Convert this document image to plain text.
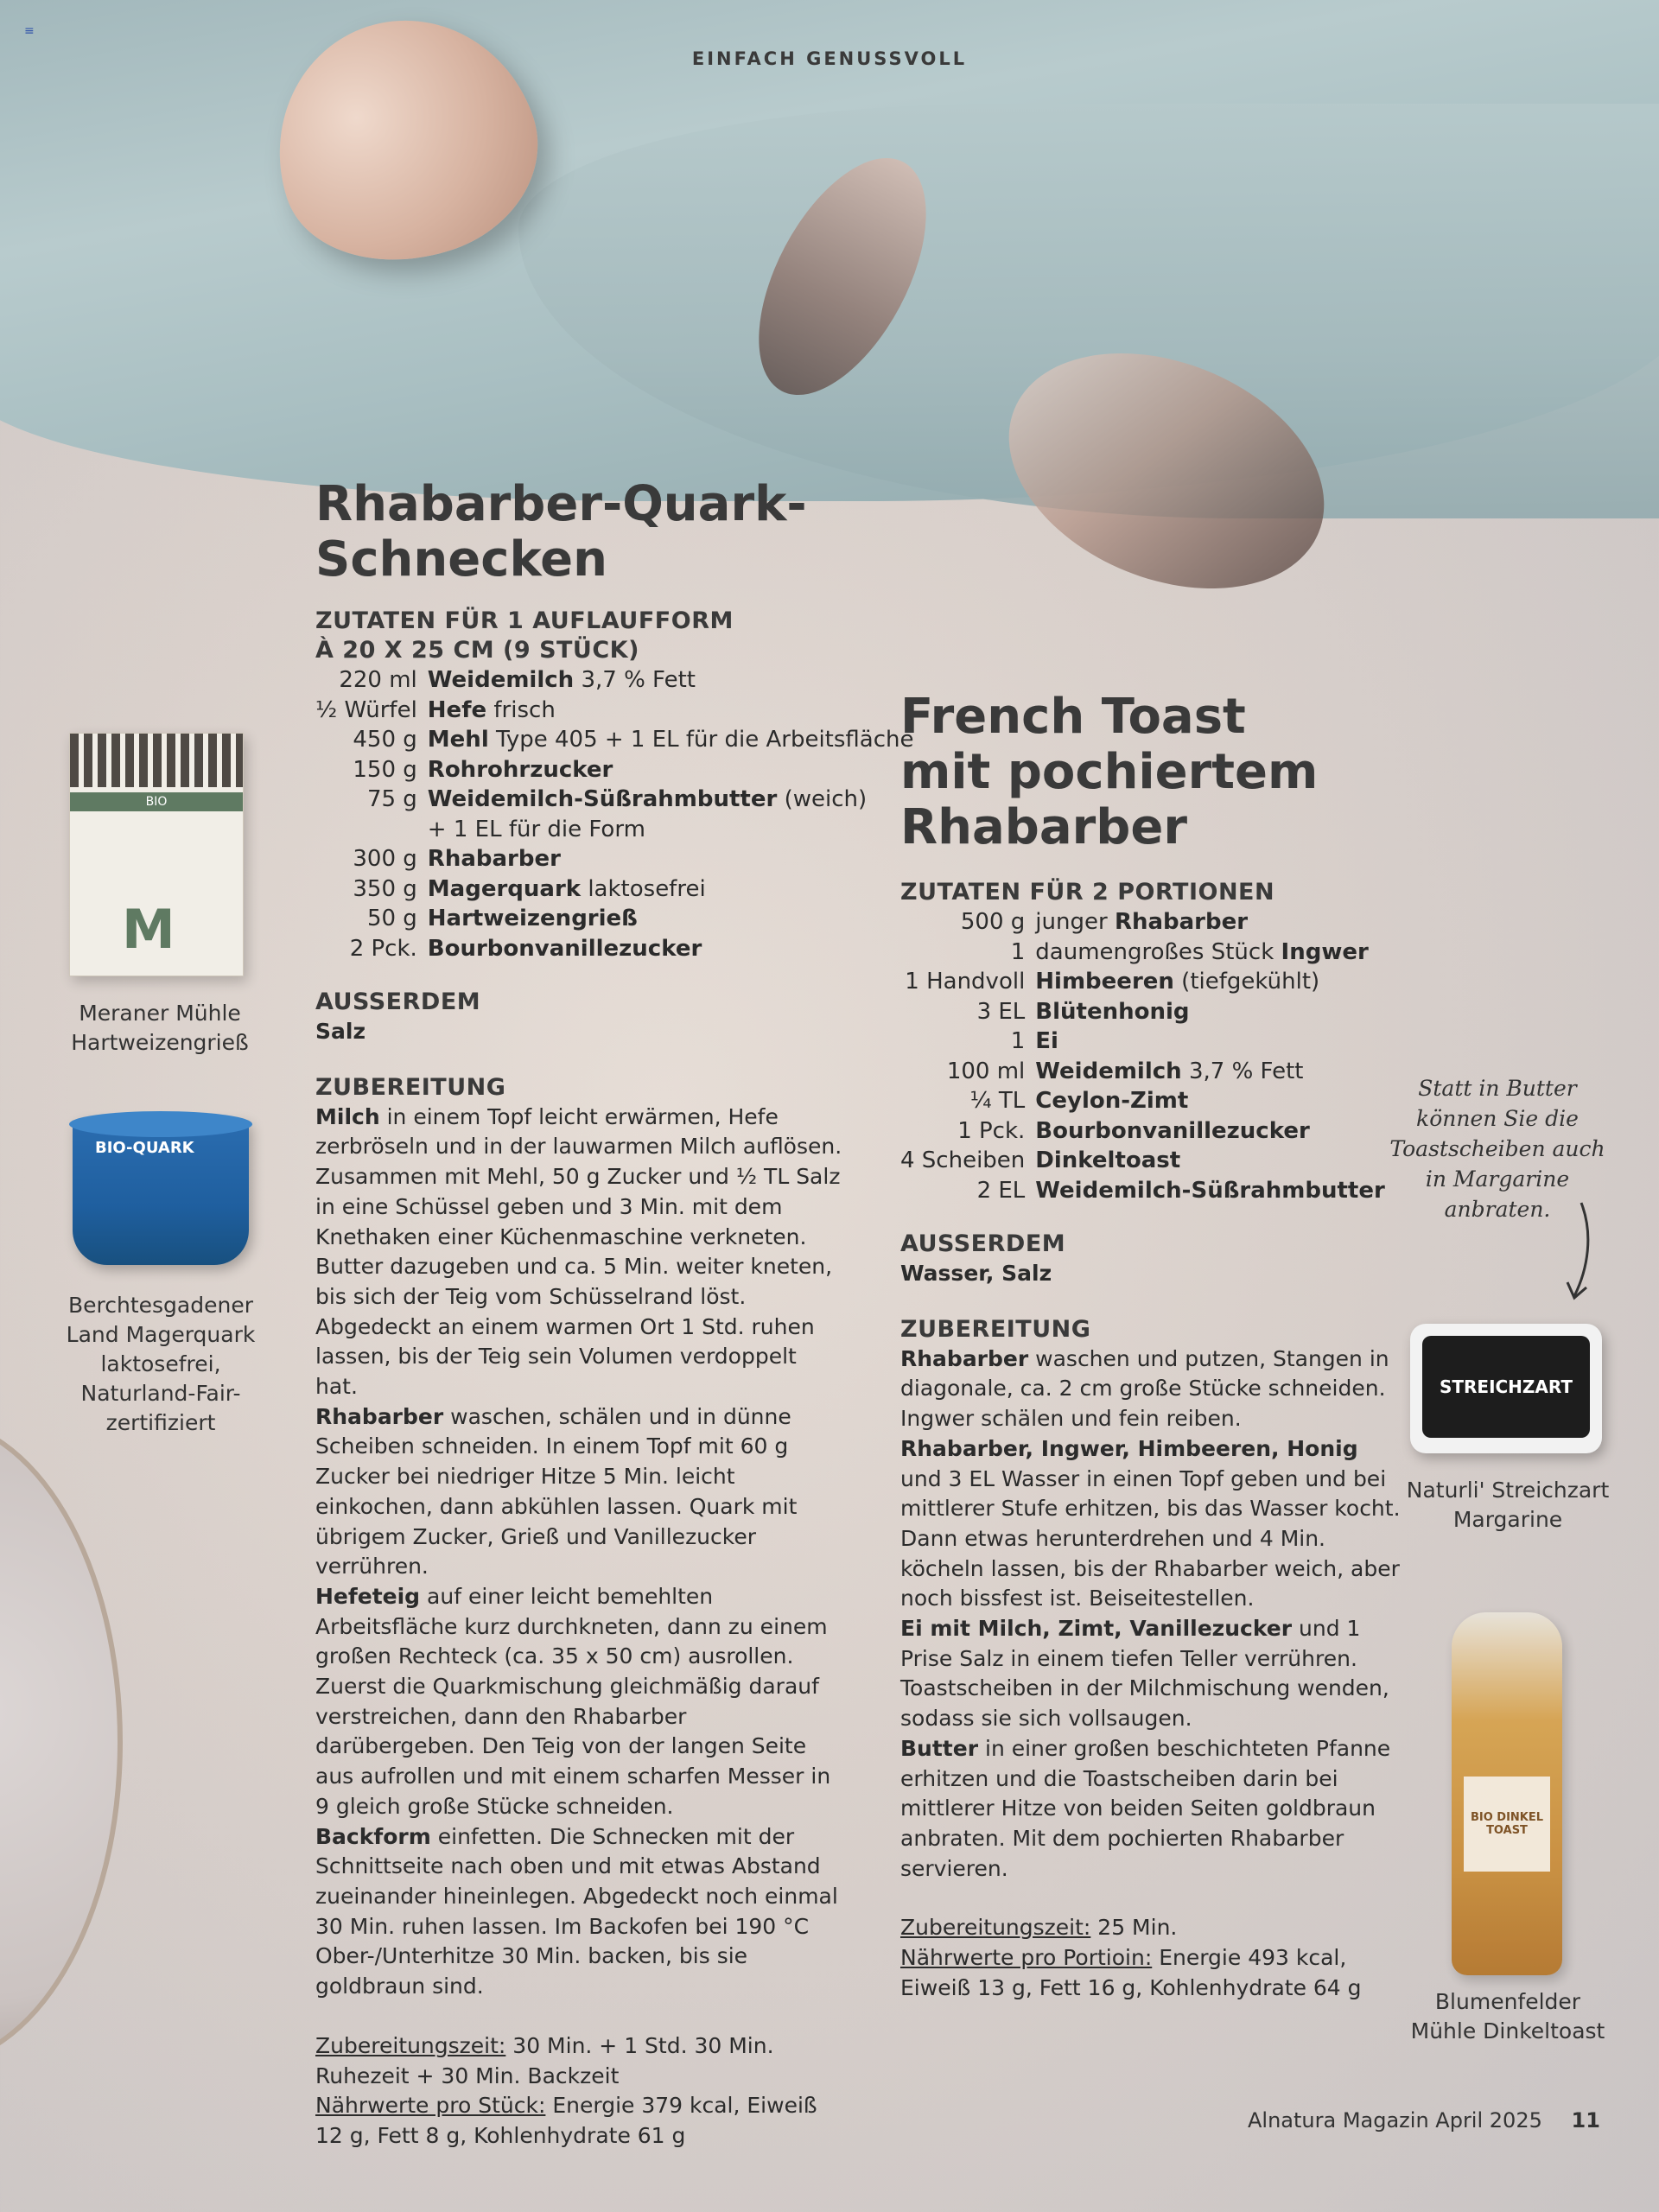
≡
EINFACH GENUSSVOLL
Rhabarber-Quark-
Schnecken
ZUTATEN FÜR 1 AUFLAUFFORM
À 20 X 25 CM (9 STÜCK)
220 ml	Weidemilch 3,7 % Fett
½ Würfel	Hefe frisch
450 g	Mehl Type 405 + 1 EL für die Arbeitsfläche
150 g	Rohrohrzucker
75 g	Weidemilch-Süßrahmbutter (weich)
	+ 1 EL für die Form
300 g	Rhabarber
350 g	Magerquark laktosefrei
50 g	Hartweizengrieß
2 Pck.	Bourbonvanillezucker
AUSSERDEM
Salz
ZUBEREITUNG
Milch in einem Topf leicht erwärmen, Hefe zerbröseln und in der lauwarmen Milch auflösen. Zusammen mit Mehl, 50 g Zucker und ½ TL Salz in eine Schüssel geben und 3 Min. mit dem Knethaken einer Küchenmaschine verkneten. Butter dazugeben und ca. 5 Min. weiter kneten, bis sich der Teig vom Schüsselrand löst. Abgedeckt an einem warmen Ort 1 Std. ruhen lassen, bis der Teig sein Volumen verdoppelt hat.
Rhabarber waschen, schälen und in dünne Scheiben schneiden. In einem Topf mit 60 g Zucker bei niedriger Hitze 5 Min. leicht einkochen, dann abkühlen lassen. Quark mit übrigem Zucker, Grieß und Vanillezucker verrühren.
Hefeteig auf einer leicht bemehlten Arbeitsfläche kurz durchkneten, dann zu einem großen Rechteck (ca. 35 x 50 cm) ausrollen. Zuerst die Quarkmischung gleichmäßig darauf verstreichen, dann den Rhabarber darübergeben. Den Teig von der langen Seite aus aufrollen und mit einem scharfen Messer in 9 gleich große Stücke schneiden.
Backform einfetten. Die Schnecken mit der Schnittseite nach oben und mit etwas Abstand zueinander hineinlegen. Abgedeckt noch einmal 30 Min. ruhen lassen. Im Backofen bei 190 °C Ober-/Unterhitze 30 Min. backen, bis sie goldbraun sind.
Zubereitungszeit: 30 Min. + 1 Std. 30 Min. Ruhezeit + 30 Min. Backzeit
Nährwerte pro Stück: Energie 379 kcal, Eiweiß 12 g, Fett 8 g, Kohlenhydrate 61 g
French Toast
mit pochiertem Rhabarber
ZUTATEN FÜR 2 PORTIONEN
500 g	junger Rhabarber
1	daumengroßes Stück Ingwer
1 Handvoll	Himbeeren (tiefgekühlt)
3 EL	Blütenhonig
1	Ei
100 ml	Weidemilch 3,7 % Fett
¼ TL	Ceylon-Zimt
1 Pck.	Bourbonvanillezucker
4 Scheiben	Dinkeltoast
2 EL	Weidemilch-Süßrahmbutter
AUSSERDEM
Wasser, Salz
ZUBEREITUNG
Rhabarber waschen und putzen, Stangen in diagonale, ca. 2 cm große Stücke schneiden. Ingwer schälen und fein reiben.
Rhabarber, Ingwer, Himbeeren, Honig und 3 EL Wasser in einen Topf geben und bei mittlerer Stufe erhitzen, bis das Wasser kocht. Dann etwas herunterdrehen und 4 Min. köcheln lassen, bis der Rhabarber weich, aber noch bissfest ist. Beiseitestellen.
Ei mit Milch, Zimt, Vanillezucker und 1 Prise Salz in einem tiefen Teller verrühren. Toastscheiben in der Milchmischung wenden, sodass sie sich vollsaugen.
Butter in einer großen beschichteten Pfanne erhitzen und die Toastscheiben darin bei mittlerer Hitze von beiden Seiten goldbraun anbraten. Mit dem pochierten Rhabarber servieren.
Zubereitungszeit: 25 Min.
Nährwerte pro Portioin: Energie 493 kcal, Eiweiß 13 g, Fett 16 g, Kohlenhydrate 64 g
BIO
M
Meraner Mühle Hartweizengrieß
BIO-QUARK
Berchtesgadener Land Magerquark laktosefrei, Naturland-Fair-zertifiziert
Statt in Butter können Sie die Toastscheiben auch in Margarine anbraten.
STREICHZART
Naturli' Streichzart Margarine
BIO DINKEL TOAST
Blumenfelder Mühle Dinkeltoast
Alnatura Magazin April 2025 11
